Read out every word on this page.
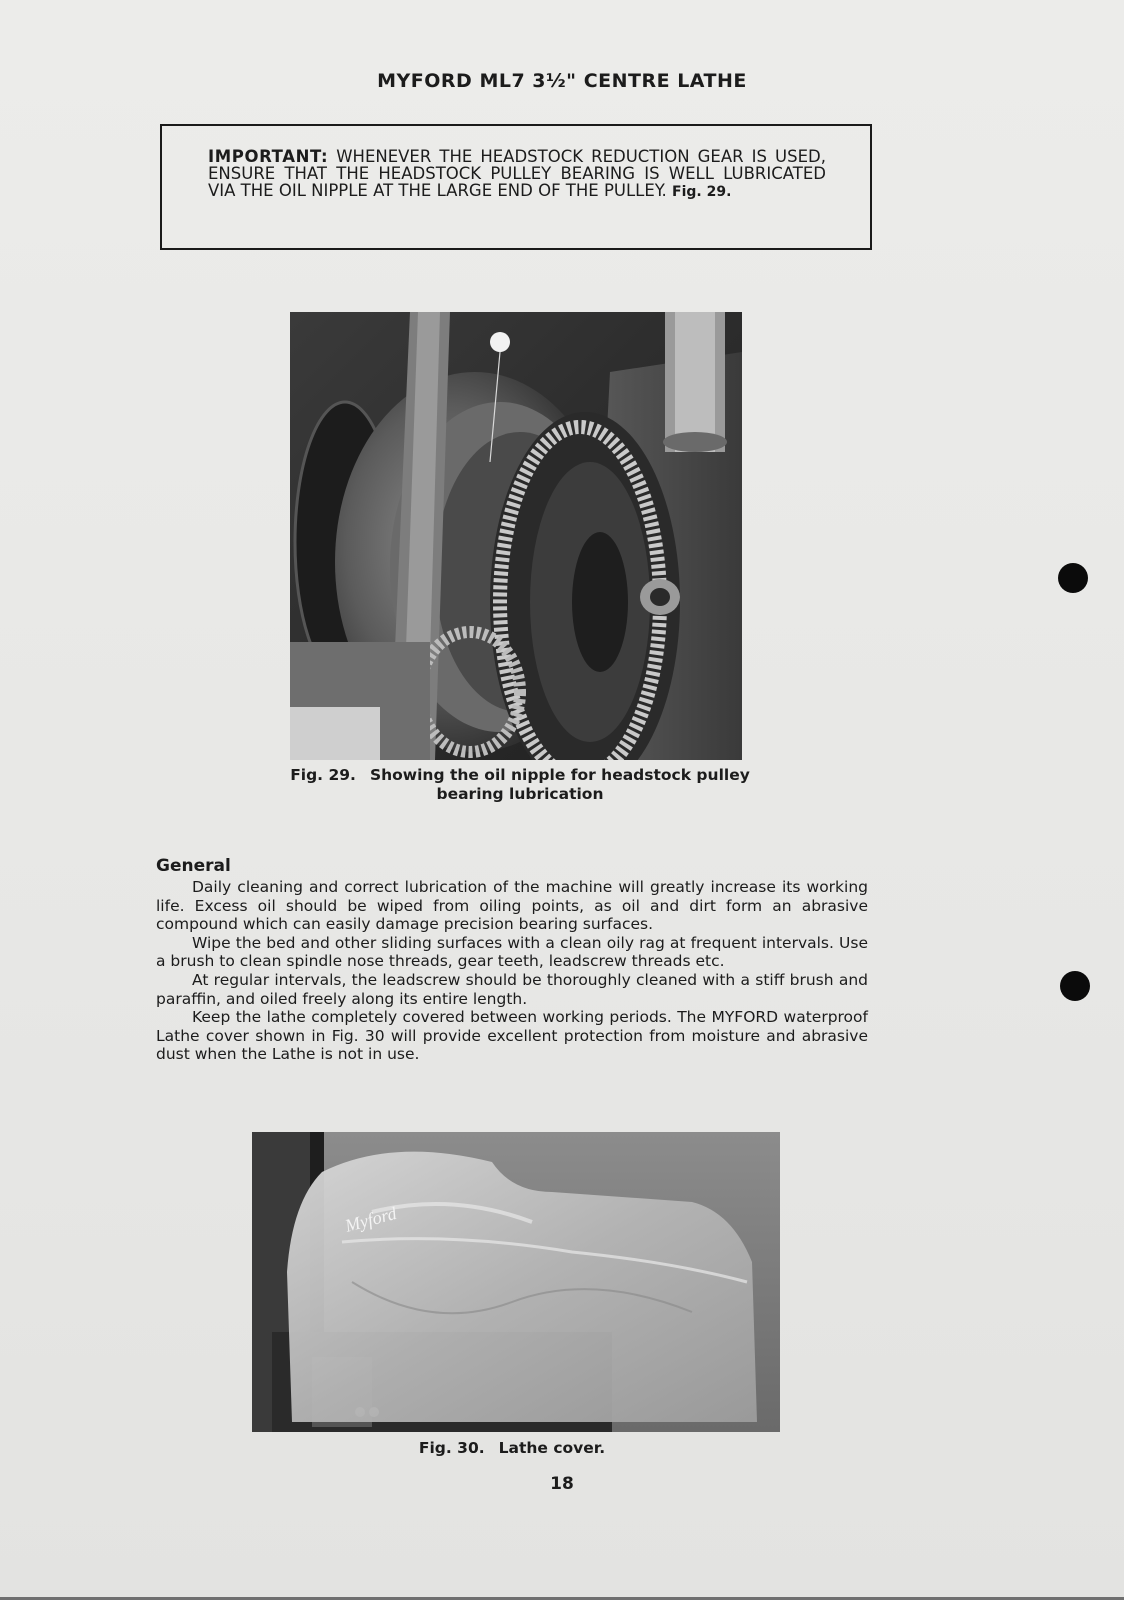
MYFORD ML7 3½" CENTRE LATHE
IMPORTANT: WHENEVER THE HEADSTOCK REDUCTION GEAR IS USED, ENSURE THAT THE HEADSTOCK PULLEY BEARING IS WELL LUBRICATED VIA THE OIL NIPPLE AT THE LARGE END OF THE PULLEY. Fig. 29.
Fig. 29. Showing the oil nipple for headstock pulley
bearing lubrication
General

Daily cleaning and correct lubrication of the machine will greatly increase its working life. Excess oil should be wiped from oiling points, as oil and dirt form an abrasive compound which can easily damage precision bearing surfaces.

Wipe the bed and other sliding surfaces with a clean oily rag at frequent intervals. Use a brush to clean spindle nose threads, gear teeth, leadscrew threads etc.

At regular intervals, the leadscrew should be thoroughly cleaned with a stiff brush and paraffin, and oiled freely along its entire length.

Keep the lathe completely covered between working periods. The MYFORD waterproof Lathe cover shown in Fig. 30 will provide excellent protection from moisture and abrasive dust when the Lathe is not in use.

Myford
Fig. 30. Lathe cover.
18
